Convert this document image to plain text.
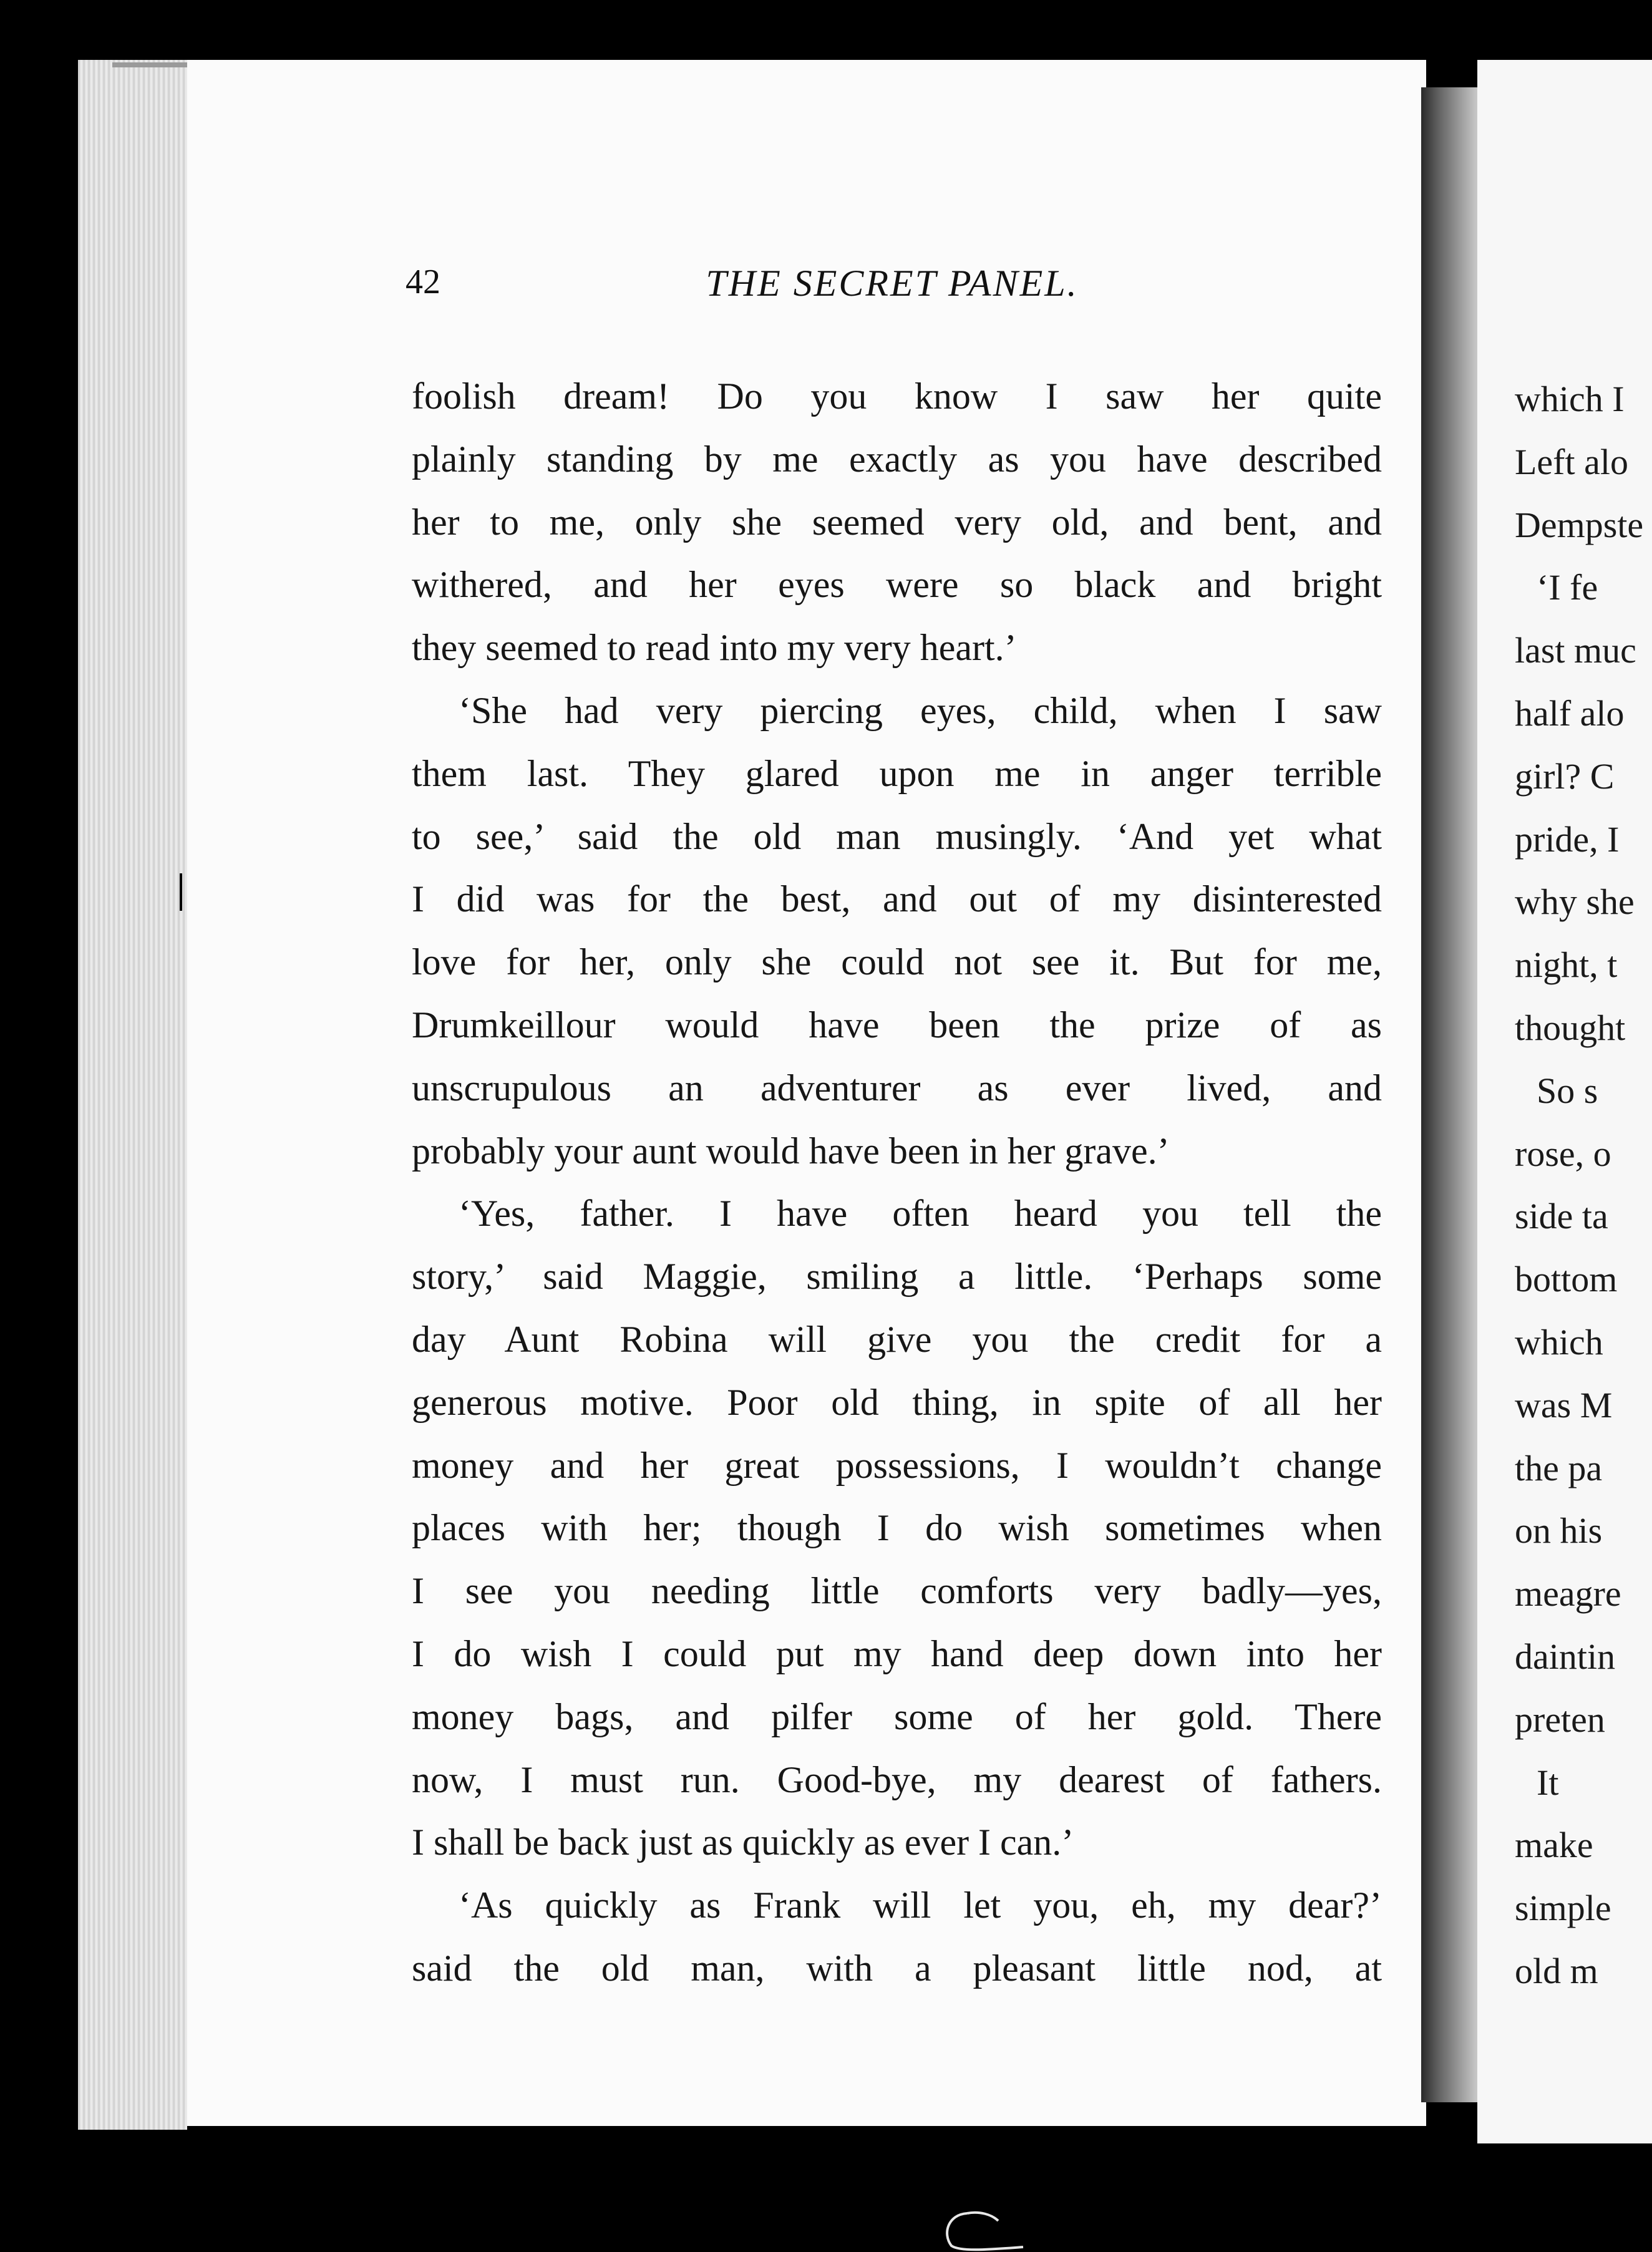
which I
Left alo
Dempste
‘I fe
last muc
half alo
girl? C
pride, I
why she
night, t
thought
So s
rose, o
side ta
bottom
which
was M
the pa
on his
meagre
daintin
preten
It
make
simple
old m
42	THE SECRET PANEL.
foolish dream! Do you know I saw her quite
plainly standing by me exactly as you have described
her to me, only she seemed very old, and bent, and
withered, and her eyes were so black and bright
they seemed to read into my very heart.’
‘She had very piercing eyes, child, when I saw
them last. They glared upon me in anger terrible
to see,’ said the old man musingly. ‘And yet what
I did was for the best, and out of my disinterested
love for her, only she could not see it. But for me,
Drumkeillour would have been the prize of as
unscrupulous an adventurer as ever lived, and
probably your aunt would have been in her grave.’
‘Yes, father. I have often heard you tell the
story,’ said Maggie, smiling a little. ‘Perhaps some
day Aunt Robina will give you the credit for a
generous motive. Poor old thing, in spite of all her
money and her great possessions, I wouldn’t change
places with her; though I do wish sometimes when
I see you needing little comforts very badly—yes,
I do wish I could put my hand deep down into her
money bags, and pilfer some of her gold. There
now, I must run. Good-bye, my dearest of fathers.
I shall be back just as quickly as ever I can.’
‘As quickly as Frank will let you, eh, my dear?’
said the old man, with a pleasant little nod, at
